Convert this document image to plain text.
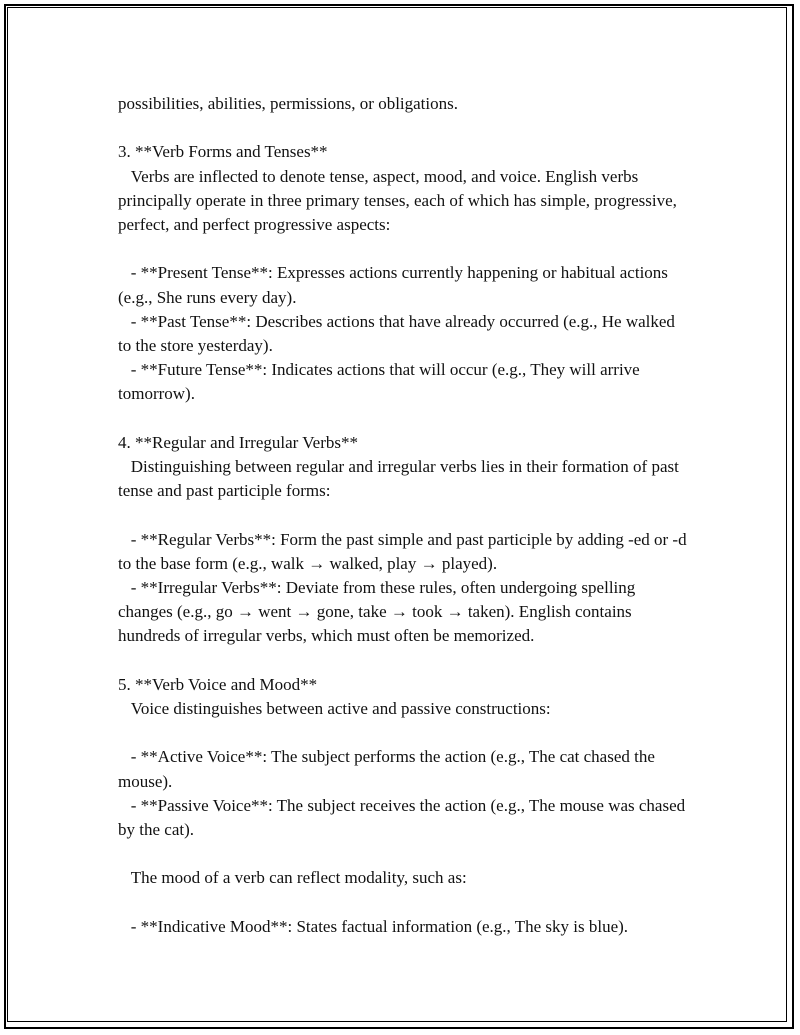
possibilities, abilities, permissions, or obligations.

3. **Verb Forms and Tenses**

Verbs are inflected to denote tense, aspect, mood, and voice. English verbs principally operate in three primary tenses, each of which has simple, progressive, perfect, and perfect progressive aspects:

- **Present Tense**: Expresses actions currently happening or habitual actions (e.g., She runs every day).

- **Past Tense**: Describes actions that have already occurred (e.g., He walked to the store yesterday).

- **Future Tense**: Indicates actions that will occur (e.g., They will arrive tomorrow).

4. **Regular and Irregular Verbs**

Distinguishing between regular and irregular verbs lies in their formation of past tense and past participle forms:

- **Regular Verbs**: Form the past simple and past participle by adding -ed or -d to the base form (e.g., walk → walked, play → played).

- **Irregular Verbs**: Deviate from these rules, often undergoing spelling changes (e.g., go → went → gone, take → took → taken). English contains hundreds of irregular verbs, which must often be memorized.

5. **Verb Voice and Mood**

Voice distinguishes between active and passive constructions:

- **Active Voice**: The subject performs the action (e.g., The cat chased the mouse).

- **Passive Voice**: The subject receives the action (e.g., The mouse was chased by the cat).

The mood of a verb can reflect modality, such as:

- **Indicative Mood**: States factual information (e.g., The sky is blue).
